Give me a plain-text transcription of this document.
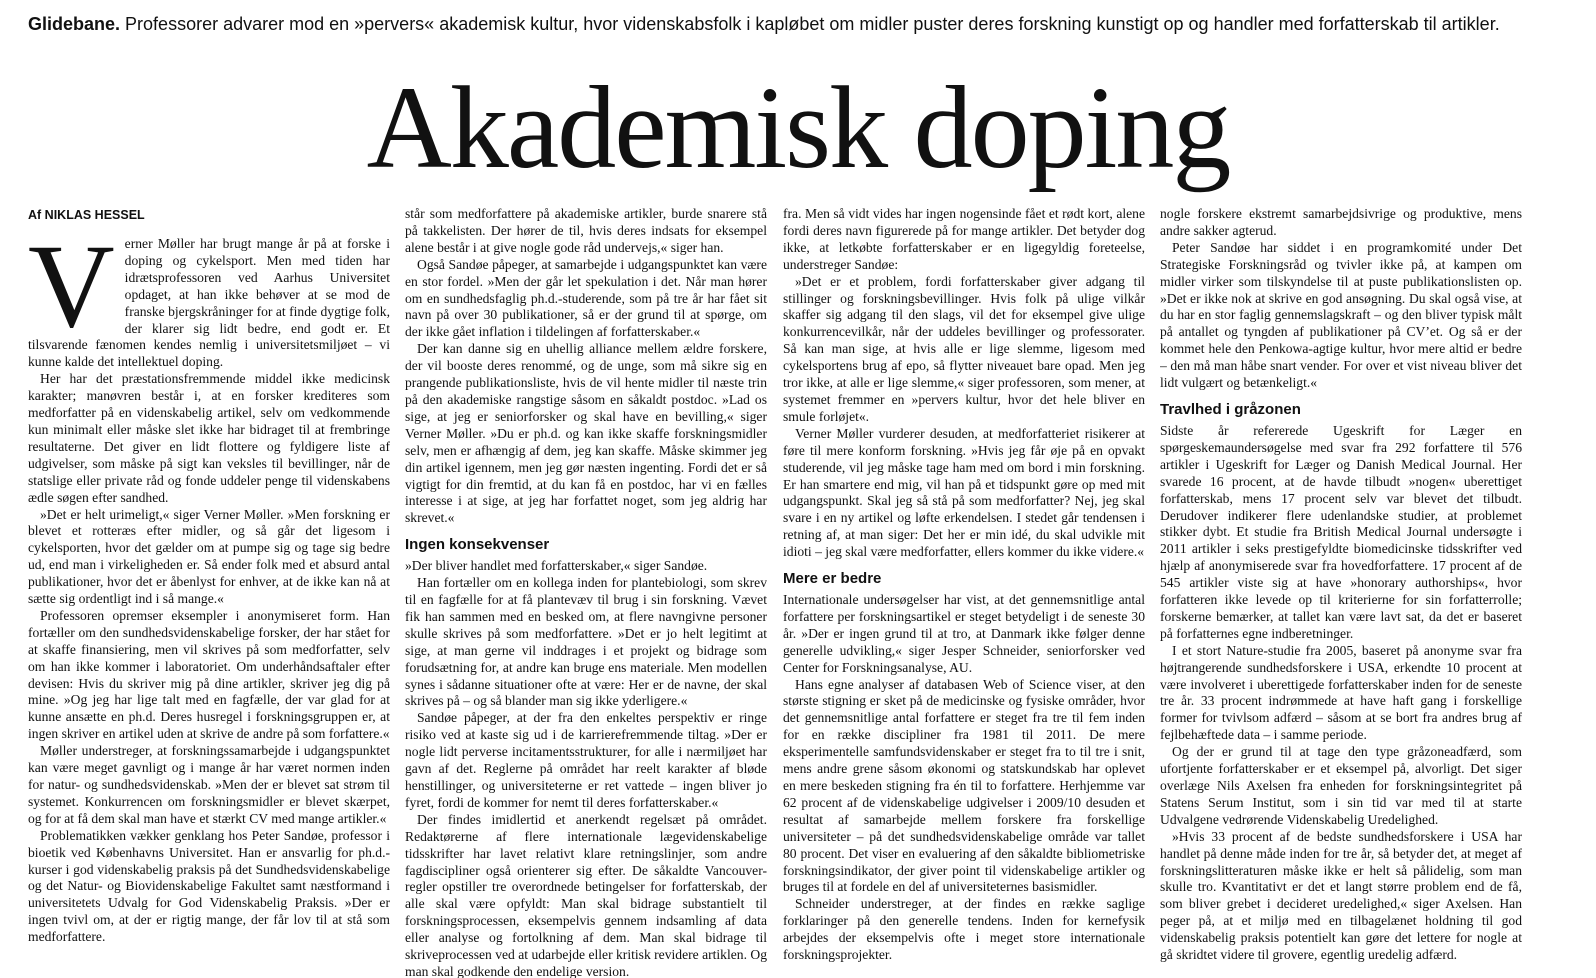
Glidebane. Professorer advarer mod en »pervers« akademisk kultur, hvor videnskabsfolk i kapløbet om midler puster deres forskning kunstigt op og handler med forfatterskab til artikler.
Akademisk doping
Af NIKLAS HESSEL

Verner Møller har brugt mange år på at forske i doping og cykelsport. Men med tiden har idrætsprofessoren ved Aarhus Universitet opdaget, at han ikke behøver at se mod de franske bjergskråninger for at finde dygtige folk, der klarer sig lidt bedre, end godt er. Et tilsvarende fænomen kendes nemlig i universitetsmiljøet – vi kunne kalde det intellektuel doping.

Her har det præstationsfremmende middel ikke medicinsk karakter; manøvren består i, at en forsker krediteres som medforfatter på en videnskabelig artikel, selv om vedkommende kun minimalt eller måske slet ikke har bidraget til at frembringe resultaterne. Det giver en lidt flottere og fyldigere liste af udgivelser, som måske på sigt kan veksles til bevillinger, når de statslige eller private råd og fonde uddeler penge til videnskabens ædle søgen efter sandhed.

»Det er helt urimeligt,« siger Verner Møller. »Men forskning er blevet et rotteræs efter midler, og så går det ligesom i cykelsporten, hvor det gælder om at pumpe sig og tage sig bedre ud, end man i virkeligheden er. Så ender folk med et absurd antal publikationer, hvor det er åbenlyst for enhver, at de ikke kan nå at sætte sig ordentligt ind i så mange.«

Professoren opremser eksempler i anonymiseret form. Han fortæller om den sundhedsvidenskabelige forsker, der har stået for at skaffe finansiering, men vil skrives på som medforfatter, selv om han ikke kommer i laboratoriet. Om underhåndsaftaler efter devisen: Hvis du skriver mig på dine artikler, skriver jeg dig på mine. »Og jeg har lige talt med en fagfælle, der var glad for at kunne ansætte en ph.d. Deres husregel i forskningsgruppen er, at ingen skriver en artikel uden at skrive de andre på som forfattere.«

Møller understreger, at forskningssamarbejde i udgangspunktet kan være meget gavnligt og i mange år har været normen inden for natur- og sundhedsvidenskab. »Men der er blevet sat strøm til systemet. Konkurrencen om forskningsmidler er blevet skærpet, og for at få dem skal man have et stærkt CV med mange artikler.«

Problematikken vækker genklang hos Peter Sandøe, professor i bioetik ved Københavns Universitet. Han er ansvarlig for ph.d.-kurser i god videnskabelig praksis på det Sundhedsvidenskabelige og det Natur- og Biovidenskabelige Fakultet samt næstformand i universitetets Udvalg for God Videnskabelig Praksis. »Der er ingen tvivl om, at der er rigtig mange, der får lov til at stå som medforfattere.

står som medforfattere på akademiske artikler, burde snarere stå på takkelisten. Der hører de til, hvis deres indsats for eksempel alene består i at give nogle gode råd undervejs,« siger han.

Også Sandøe påpeger, at samarbejde i udgangspunktet kan være en stor fordel. »Men der går let spekulation i det. Når man hører om en sundhedsfaglig ph.d.-studerende, som på tre år har fået sit navn på over 30 publikationer, så er der grund til at spørge, om der ikke gået inflation i tildelingen af forfatterskaber.«

Der kan danne sig en uhellig alliance mellem ældre forskere, der vil booste deres renommé, og de unge, som må sikre sig en prangende publikationsliste, hvis de vil hente midler til næste trin på den akademiske rangstige såsom en såkaldt postdoc. »Lad os sige, at jeg er seniorforsker og skal have en bevilling,« siger Verner Møller. »Du er ph.d. og kan ikke skaffe forskningsmidler selv, men er afhængig af dem, jeg kan skaffe. Måske skimmer jeg din artikel igennem, men jeg gør næsten ingenting. Fordi det er så vigtigt for din fremtid, at du kan få en postdoc, har vi en fælles interesse i at sige, at jeg har forfattet noget, som jeg aldrig har skrevet.«

Ingen konsekvenser

»Der bliver handlet med forfatterskaber,« siger Sandøe.

Han fortæller om en kollega inden for plantebiologi, som skrev til en fagfælle for at få plantevæv til brug i sin forskning. Vævet fik han sammen med en besked om, at flere navngivne personer skulle skrives på som medforfattere. »Det er jo helt legitimt at sige, at man gerne vil inddrages i et projekt og bidrage som forudsætning for, at andre kan bruge ens materiale. Men modellen synes i sådanne situationer ofte at være: Her er de navne, der skal skrives på – og så blander man sig ikke yderligere.«

Sandøe påpeger, at der fra den enkeltes perspektiv er ringe risiko ved at kaste sig ud i de karrierefremmende tiltag. »Der er nogle lidt perverse incitamentsstrukturer, for alle i nærmiljøet har gavn af det. Reglerne på området har reelt karakter af bløde henstillinger, og universiteterne er ret vattede – ingen bliver jo fyret, fordi de kommer for nemt til deres forfatterskaber.«

Der findes imidlertid et anerkendt regelsæt på området. Redaktørerne af flere internationale lægevidenskabelige tidsskrifter har lavet relativt klare retningslinjer, som andre fagdiscipliner også orienterer sig efter. De såkaldte Vancouver-regler opstiller tre overordnede betingelser for forfatterskab, der alle skal være opfyldt: Man skal bidrage substantielt til forskningsprocessen, eksempelvis gennem indsamling af data eller analyse og fortolkning af dem. Man skal bidrage til skriveprocessen ved at udarbejde eller kritisk revidere artiklen. Og man skal godkende den endelige version.

fra. Men så vidt vides har ingen nogensinde fået et rødt kort, alene fordi deres navn figurerede på for mange artikler. Det betyder dog ikke, at letkøbte forfatterskaber er en ligegyldig foreteelse, understreger Sandøe:

»Det er et problem, fordi forfatterskaber giver adgang til stillinger og forskningsbevillinger. Hvis folk på ulige vilkår skaffer sig adgang til den slags, vil det for eksempel give ulige konkurrencevilkår, når der uddeles bevillinger og professorater. Så kan man sige, at hvis alle er lige slemme, ligesom med cykelsportens brug af epo, så flytter niveauet bare opad. Men jeg tror ikke, at alle er lige slemme,« siger professoren, som mener, at systemet fremmer en »pervers kultur, hvor det hele bliver en smule forløjet«.

Verner Møller vurderer desuden, at medforfatteriet risikerer at føre til mere konform forskning. »Hvis jeg får øje på en opvakt studerende, vil jeg måske tage ham med om bord i min forskning. Er han smartere end mig, vil han på et tidspunkt gøre op med mit udgangspunkt. Skal jeg så stå på som medforfatter? Nej, jeg skal svare i en ny artikel og løfte erkendelsen. I stedet går tendensen i retning af, at man siger: Det her er min idé, du skal udvikle mit idioti – jeg skal være medforfatter, ellers kommer du ikke videre.«

Mere er bedre

Internationale undersøgelser har vist, at det gennemsnitlige antal forfattere per forskningsartikel er steget betydeligt i de seneste 30 år. »Der er ingen grund til at tro, at Danmark ikke følger denne generelle udvikling,« siger Jesper Schneider, seniorforsker ved Center for Forskningsanalyse, AU.

Hans egne analyser af databasen Web of Science viser, at den største stigning er sket på de medicinske og fysiske områder, hvor det gennemsnitlige antal forfattere er steget fra tre til fem inden for en række discipliner fra 1981 til 2011. De mere eksperimentelle samfundsvidenskaber er steget fra to til tre i snit, mens andre grene såsom økonomi og statskundskab har oplevet en mere beskeden stigning fra én til to forfattere. Herhjemme var 62 procent af de videnskabelige udgivelser i 2009/10 desuden et resultat af samarbejde mellem forskere fra forskellige universiteter – på det sundhedsvidenskabelige område var tallet 80 procent. Det viser en evaluering af den såkaldte bibliometriske forskningsindikator, der giver point til videnskabelige artikler og bruges til at fordele en del af universiteternes basismidler.

Schneider understreger, at der findes en række saglige forklaringer på den generelle tendens. Inden for kernefysik arbejdes der eksempelvis ofte i meget store internationale forskningsprojekter.

nogle forskere ekstremt samarbejdsivrige og produktive, mens andre sakker agterud.

Peter Sandøe har siddet i en programkomité under Det Strategiske Forskningsråd og tvivler ikke på, at kampen om midler virker som tilskyndelse til at puste publikationslisten op. »Det er ikke nok at skrive en god ansøgning. Du skal også vise, at du har en stor faglig gennemslagskraft – og den bliver typisk målt på antallet og tyngden af publikationer på CV’et. Og så er der kommet hele den Penkowa-agtige kultur, hvor mere altid er bedre – den må man håbe snart vender. For over et vist niveau bliver det lidt vulgært og betænkeligt.«

Travlhed i gråzonen

Sidste år refererede Ugeskrift for Læger en spørgeskemaundersøgelse med svar fra 292 forfattere til 576 artikler i Ugeskrift for Læger og Danish Medical Journal. Her svarede 16 procent, at de havde tilbudt »nogen« uberettiget forfatterskab, mens 17 procent selv var blevet det tilbudt. Derudover indikerer flere udenlandske studier, at problemet stikker dybt. Et studie fra British Medical Journal undersøgte i 2011 artikler i seks prestigefyldte biomedicinske tidsskrifter ved hjælp af anonymiserede svar fra hovedforfattere. 17 procent af de 545 artikler viste sig at have »honorary authorships«, hvor forfatteren ikke levede op til kriterierne for sin forfatterrolle; forskerne bemærker, at tallet kan være lavt sat, da det er baseret på forfatternes egne indberetninger.

I et stort Nature-studie fra 2005, baseret på anonyme svar fra højtrangerende sundhedsforskere i USA, erkendte 10 procent at være involveret i uberettigede forfatterskaber inden for de seneste tre år. 33 procent indrømmede at have haft gang i forskellige former for tvivlsom adfærd – såsom at se bort fra andres brug af fejlbehæftede data – i samme periode.

Og der er grund til at tage den type gråzoneadfærd, som ufortjente forfatterskaber er et eksempel på, alvorligt. Det siger overlæge Nils Axelsen fra enheden for forskningsintegritet på Statens Serum Institut, som i sin tid var med til at starte Udvalgene vedrørende Videnskabelig Uredelighed.

»Hvis 33 procent af de bedste sundhedsforskere i USA har handlet på denne måde inden for tre år, så betyder det, at meget af forskningslitteraturen måske ikke er helt så pålidelig, som man skulle tro. Kvantitativt er det et langt større problem end de få, som bliver grebet i decideret uredelighed,« siger Axelsen. Han peger på, at et miljø med en tilbagelænet holdning til god videnskabelig praksis potentielt kan gøre det lettere for nogle at gå skridtet videre til grovere, egentlig uredelig adfærd.
